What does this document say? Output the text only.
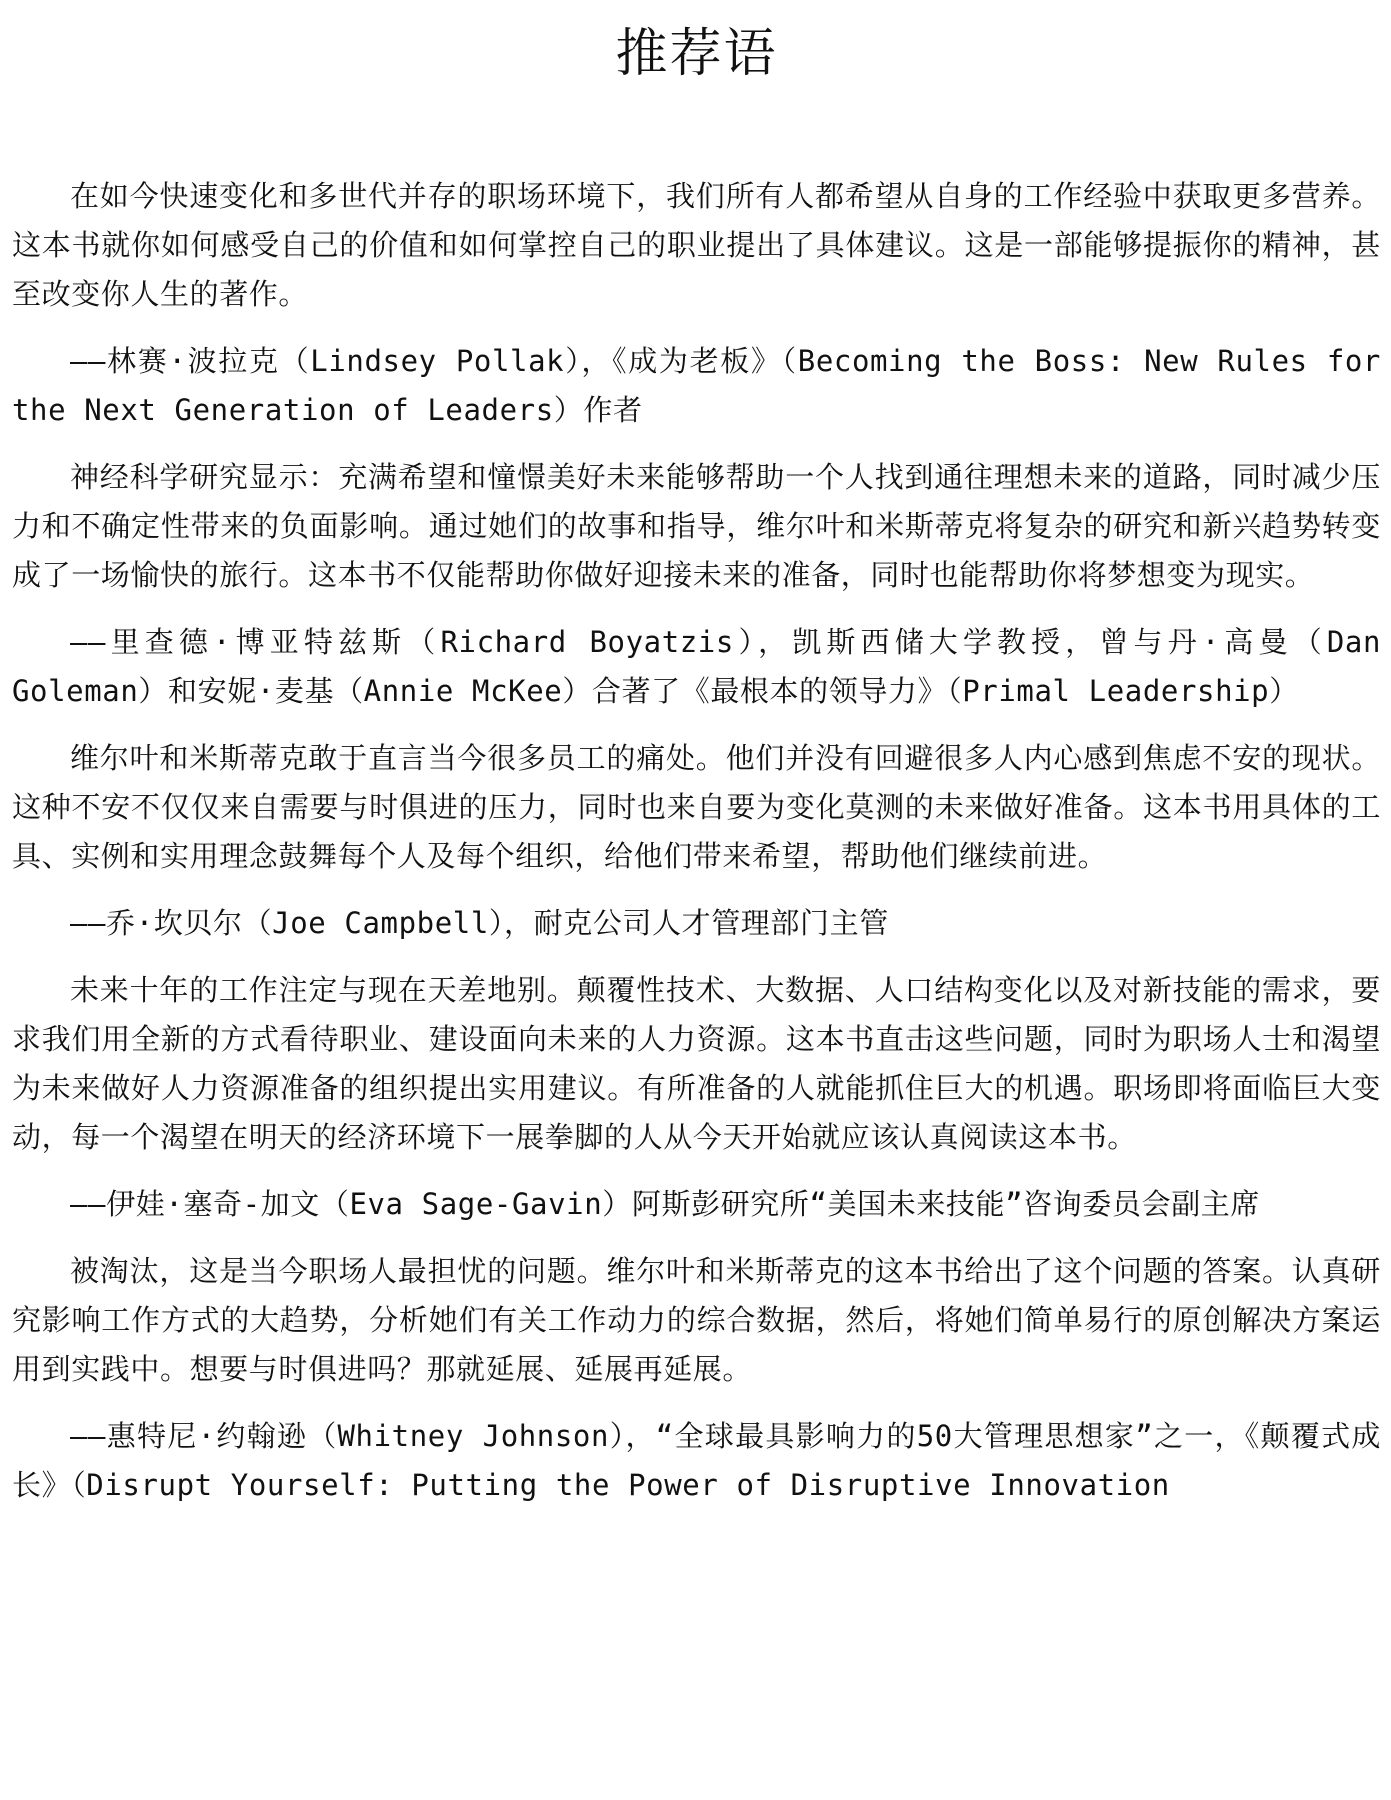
推荐语

在如今快速变化和多世代并存的职场环境下，我们所有人都希望从自身的工作经验中获取更多营养。这本书就你如何感受自己的价值和如何掌控自己的职业提出了具体建议。这是一部能够提振你的精神，甚至改变你人生的著作。

——林赛·波拉克（Lindsey Pollak），《成为老板》（Becoming the Boss: New Rules for the Next Generation of Leaders）作者

神经科学研究显示：充满希望和憧憬美好未来能够帮助一个人找到通往理想未来的道路，同时减少压力和不确定性带来的负面影响。通过她们的故事和指导，维尔叶和米斯蒂克将复杂的研究和新兴趋势转变成了一场愉快的旅行。这本书不仅能帮助你做好迎接未来的准备，同时也能帮助你将梦想变为现实。

——里查德·博亚特兹斯（Richard Boyatzis），凯斯西储大学教授，曾与丹·高曼（Dan Goleman）和安妮·麦基（Annie McKee）合著了《最根本的领导力》（Primal Leadership）

维尔叶和米斯蒂克敢于直言当今很多员工的痛处。他们并没有回避很多人内心感到焦虑不安的现状。这种不安不仅仅来自需要与时俱进的压力，同时也来自要为变化莫测的未来做好准备。这本书用具体的工具、实例和实用理念鼓舞每个人及每个组织，给他们带来希望，帮助他们继续前进。

——乔·坎贝尔（Joe Campbell），耐克公司人才管理部门主管

未来十年的工作注定与现在天差地别。颠覆性技术、大数据、人口结构变化以及对新技能的需求，要求我们用全新的方式看待职业、建设面向未来的人力资源。这本书直击这些问题，同时为职场人士和渴望为未来做好人力资源准备的组织提出实用建议。有所准备的人就能抓住巨大的机遇。职场即将面临巨大变动，每一个渴望在明天的经济环境下一展拳脚的人从今天开始就应该认真阅读这本书。

——伊娃·塞奇-加文（Eva Sage-Gavin）阿斯彭研究所“美国未来技能”咨询委员会副主席

被淘汰，这是当今职场人最担忧的问题。维尔叶和米斯蒂克的这本书给出了这个问题的答案。认真研究影响工作方式的大趋势，分析她们有关工作动力的综合数据，然后，将她们简单易行的原创解决方案运用到实践中。想要与时俱进吗？那就延展、延展再延展。

——惠特尼·约翰逊（Whitney Johnson），“全球最具影响力的50大管理思想家”之一，《颠覆式成长》（Disrupt Yourself: Putting the Power of Disruptive Innovation
